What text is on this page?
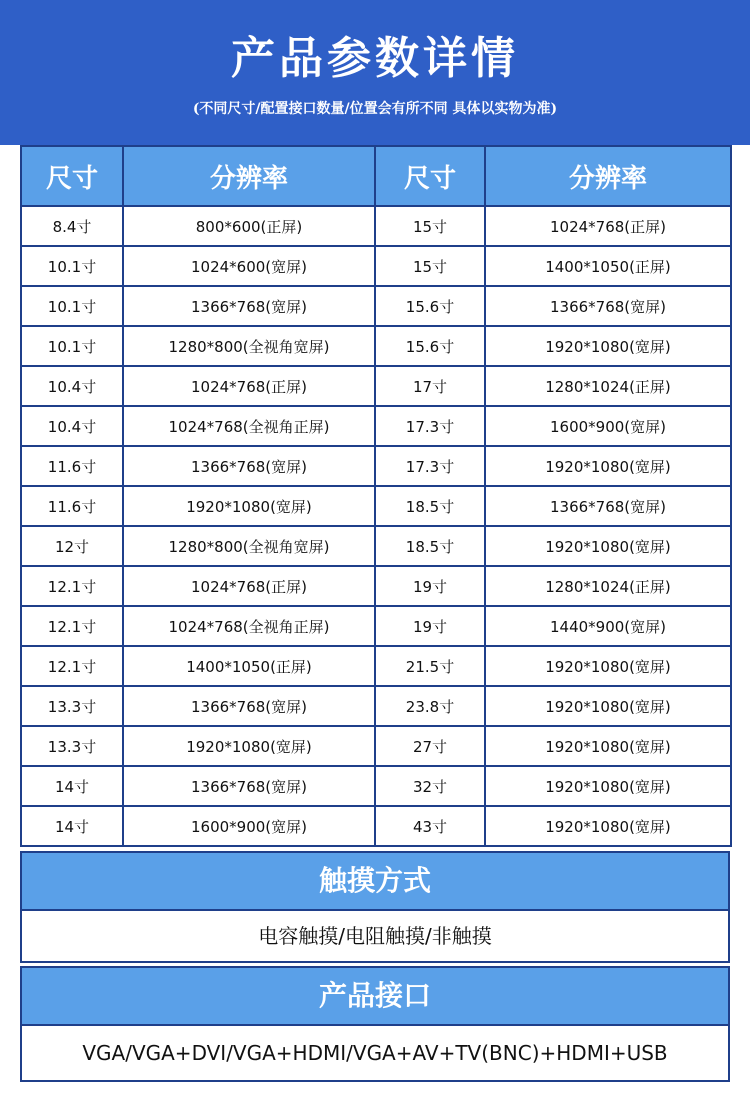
产品参数详情
(不同尺寸/配置接口数量/位置会有所不同 具体以实物为准)
尺寸	分辨率	尺寸	分辨率
8.4寸	800*600(正屏)	15寸	1024*768(正屏)
10.1寸	1024*600(宽屏)	15寸	1400*1050(正屏)
10.1寸	1366*768(宽屏)	15.6寸	1366*768(宽屏)
10.1寸	1280*800(全视角宽屏)	15.6寸	1920*1080(宽屏)
10.4寸	1024*768(正屏)	17寸	1280*1024(正屏)
10.4寸	1024*768(全视角正屏)	17.3寸	1600*900(宽屏)
11.6寸	1366*768(宽屏)	17.3寸	1920*1080(宽屏)
11.6寸	1920*1080(宽屏)	18.5寸	1366*768(宽屏)
12寸	1280*800(全视角宽屏)	18.5寸	1920*1080(宽屏)
12.1寸	1024*768(正屏)	19寸	1280*1024(正屏)
12.1寸	1024*768(全视角正屏)	19寸	1440*900(宽屏)
12.1寸	1400*1050(正屏)	21.5寸	1920*1080(宽屏)
13.3寸	1366*768(宽屏)	23.8寸	1920*1080(宽屏)
13.3寸	1920*1080(宽屏)	27寸	1920*1080(宽屏)
14寸	1366*768(宽屏)	32寸	1920*1080(宽屏)
14寸	1600*900(宽屏)	43寸	1920*1080(宽屏)
触摸方式
电容触摸/电阻触摸/非触摸
产品接口
VGA/VGA+DVI/VGA+HDMI/VGA+AV+TV(BNC)+HDMI+USB
